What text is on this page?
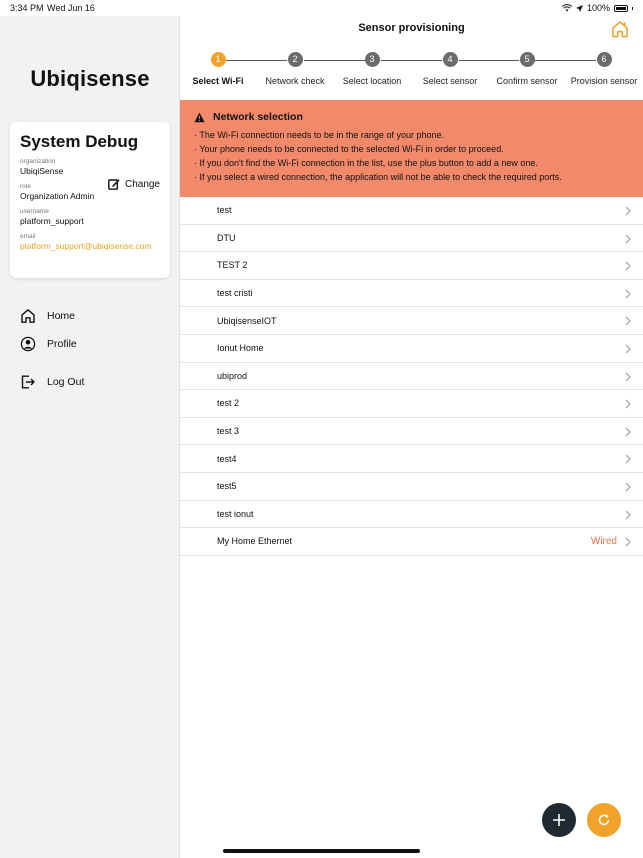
3:34 PM Wed Jun 16	100%
Ubiqisense
System Debug
organization
UbiqiSense
role
Organization Admin
username
platform_support
email
platform_support@ubiqisense.com
Change
Home
Profile
Log Out
Sensor provisioning
1
Select Wi-Fi
2
Network check
3
Select location
4
Select sensor
5
Confirm sensor
6
Provision sensor
Network selection
· The Wi-Fi connection needs to be in the range of your phone.
· Your phone needs to be connected to the selected Wi-Fi in order to proceed.
· If you don't find the Wi-Fi connection in the list, use the plus button to add a new one.
· If you select a wired connection, the application will not be able to check the required ports.
test
DTU
TEST 2
test cristi
UbiqisenseIOT
Ionut Home
ubiprod
test 2
test 3
test4
test5
test ionut
My Home Ethernet	Wired
